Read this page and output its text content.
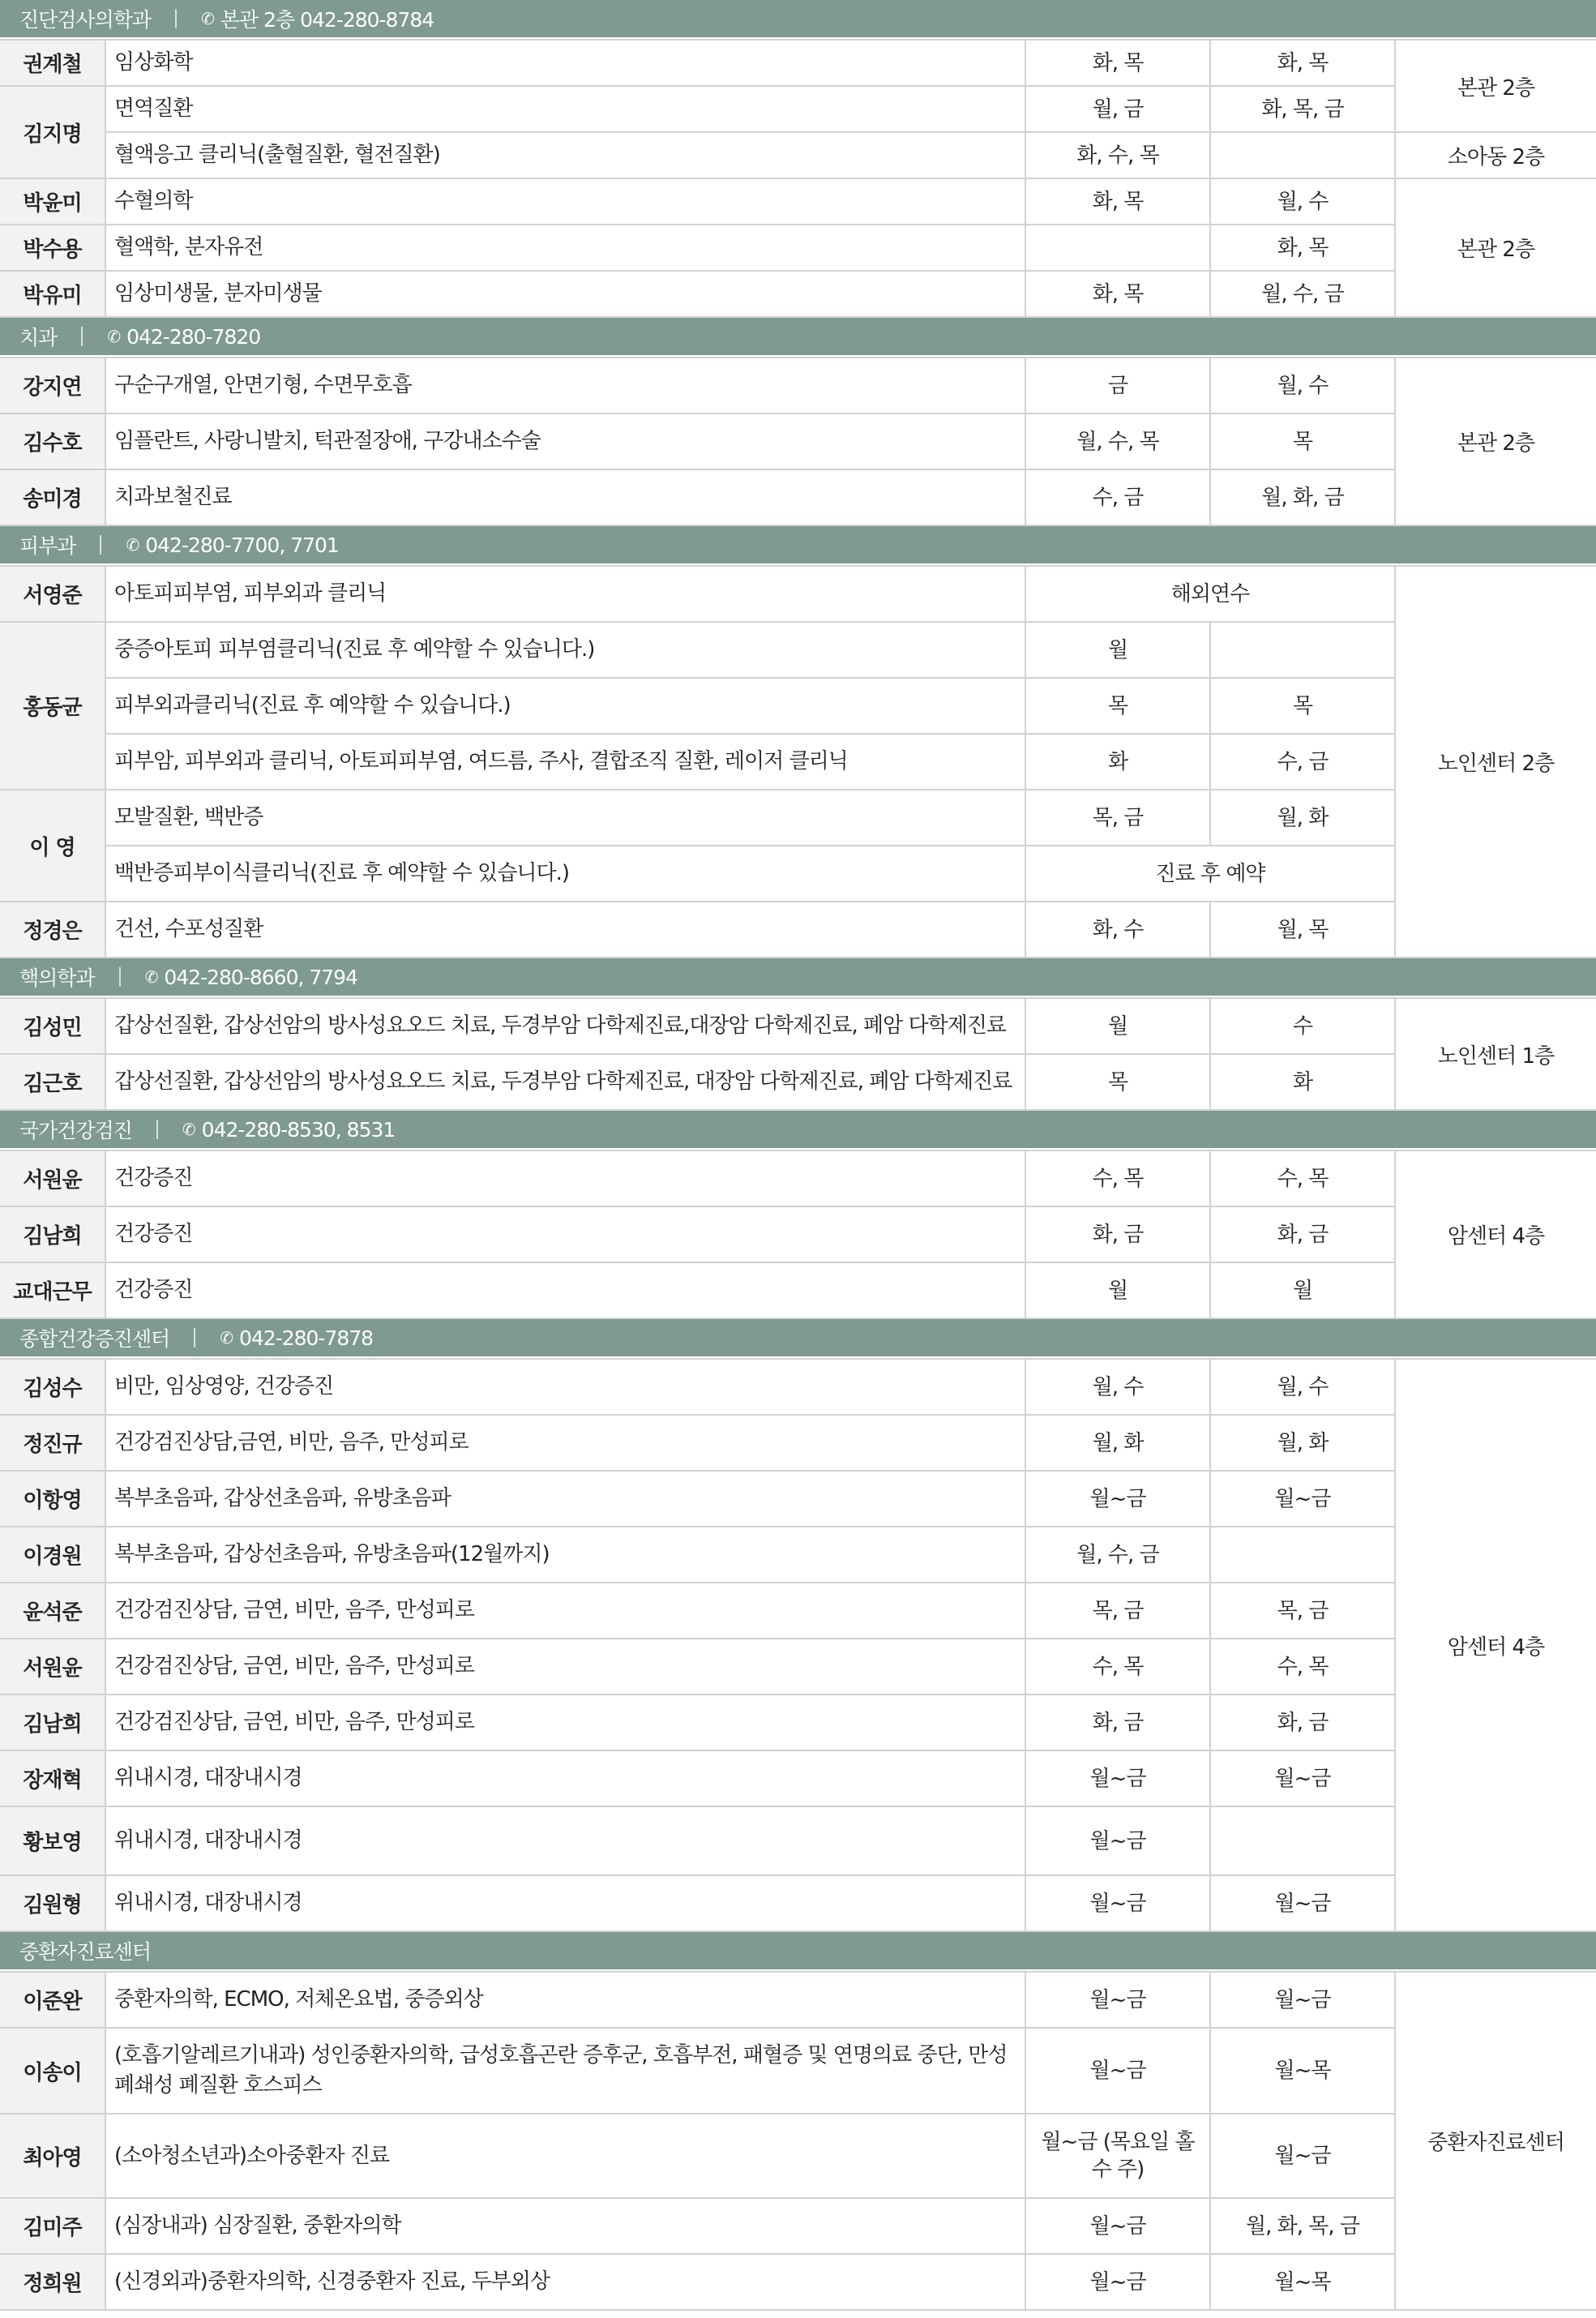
진단검사의학과	✆ 본관 2층 042-280-8784
권계철	임상화학	화, 목	화, 목	본관 2층
김지명	면역질환	월, 금	화, 목, 금	
	혈액응고 클리닉(출혈질환, 혈전질환)	화, 수, 목		소아동 2층
박윤미	수혈의학	화, 목	월, 수	본관 2층
박수용	혈액학, 분자유전		화, 목	
박유미	임상미생물, 분자미생물	화, 목	월, 수, 금	
치과	✆ 042-280-7820
강지연	구순구개열, 안면기형, 수면무호흡	금	월, 수	본관 2층
김수호	임플란트, 사랑니발치, 턱관절장애, 구강내소수술	월, 수, 목	목	
송미경	치과보철진료	수, 금	월, 화, 금	
피부과	✆ 042-280-7700, 7701
서영준	아토피피부염, 피부외과 클리닉	해외연수		노인센터 2층
홍동균	중증아토피 피부염클리닉(진료 후 예약할 수 있습니다.)	월		
	피부외과클리닉(진료 후 예약할 수 있습니다.)	목	목	
	피부암, 피부외과 클리닉, 아토피피부염, 여드름, 주사, 결합조직 질환, 레이저 클리닉	화	수, 금	
이 영	모발질환, 백반증	목, 금	월, 화	
	백반증피부이식클리닉(진료 후 예약할 수 있습니다.)	진료 후 예약		
정경은	건선, 수포성질환	화, 수	월, 목	
핵의학과	✆ 042-280-8660, 7794
김성민	갑상선질환, 갑상선암의 방사성요오드 치료, 두경부암 다학제진료,대장암 다학제진료, 폐암 다학제진료	월	수	노인센터 1층
김근호	갑상선질환, 갑상선암의 방사성요오드 치료, 두경부암 다학제진료, 대장암 다학제진료, 폐암 다학제진료	목	화	
국가건강검진	✆ 042-280-8530, 8531
서원윤	건강증진	수, 목	수, 목	암센터 4층
김남희	건강증진	화, 금	화, 금	
교대근무	건강증진	월	월	
종합건강증진센터	✆ 042-280-7878
김성수	비만, 임상영양, 건강증진	월, 수	월, 수	암센터 4층
정진규	건강검진상담,금연, 비만, 음주, 만성피로	월, 화	월, 화	
이항영	복부초음파, 갑상선초음파, 유방초음파	월~금	월~금	
이경원	복부초음파, 갑상선초음파, 유방초음파(12월까지)	월, 수, 금		
윤석준	건강검진상담, 금연, 비만, 음주, 만성피로	목, 금	목, 금	
서원윤	건강검진상담, 금연, 비만, 음주, 만성피로	수, 목	수, 목	
김남희	건강검진상담, 금연, 비만, 음주, 만성피로	화, 금	화, 금	
장재혁	위내시경, 대장내시경	월~금	월~금	
황보영	위내시경, 대장내시경	월~금		
김원형	위내시경, 대장내시경	월~금	월~금	
중환자진료센터
이준완	중환자의학, ECMO, 저체온요법, 중증외상	월~금	월~금	중환자진료센터
이송이	(호흡기알레르기내과) 성인중환자의학, 급성호흡곤란 증후군, 호흡부전, 패혈증 및 연명의료 중단, 만성 폐쇄성 폐질환 호스피스	월~금	월~목	
최아영	(소아청소년과)소아중환자 진료	월~금 (목요일 홀수 주)	월~금	
김미주	(심장내과) 심장질환, 중환자의학	월~금	월, 화, 목, 금	
정희원	(신경외과)중환자의학, 신경중환자 진료, 두부외상	월~금	월~목	
